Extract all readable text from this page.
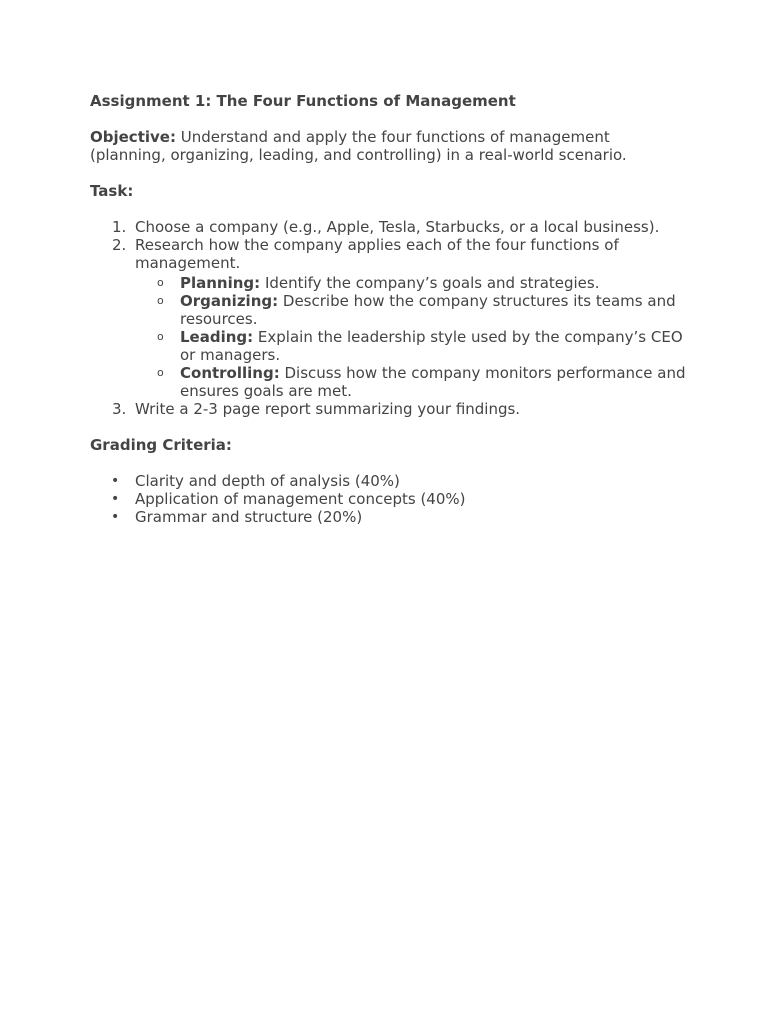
Assignment 1: The Four Functions of Management

Objective: Understand and apply the four functions of management (planning, organizing, leading, and controlling) in a real-world scenario.

Task:

1. Choose a company (e.g., Apple, Tesla, Starbucks, or a local business).
2. Research how the company applies each of the four functions of management.
o Planning: Identify the company’s goals and strategies.
o Organizing: Describe how the company structures its teams and resources.
o Leading: Explain the leadership style used by the company’s CEO or managers.
o Controlling: Discuss how the company monitors performance and ensures goals are met.
3. Write a 2-3 page report summarizing your findings.

Grading Criteria:

• Clarity and depth of analysis (40%)
• Application of management concepts (40%)
• Grammar and structure (20%)
